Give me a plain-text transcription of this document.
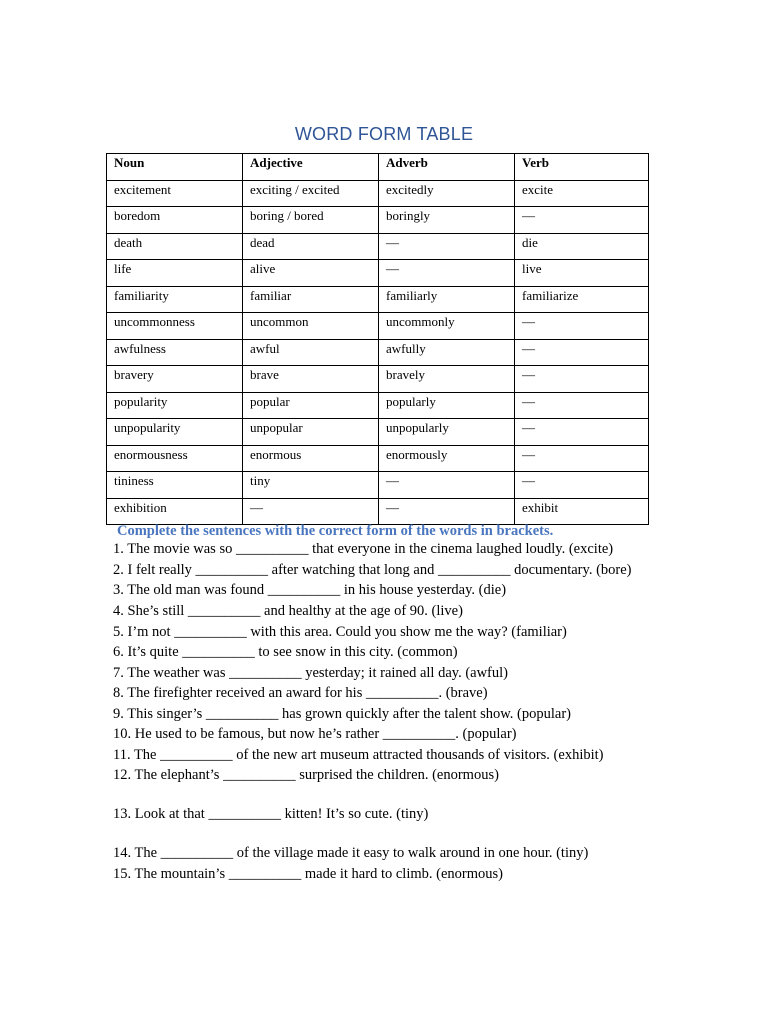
WORD FORM TABLE
Noun	Adjective	Adverb	Verb
excitement	exciting / excited	excitedly	excite
boredom	boring / bored	boringly	—
death	dead	—	die
life	alive	—	live
familiarity	familiar	familiarly	familiarize
uncommonness	uncommon	uncommonly	—
awfulness	awful	awfully	—
bravery	brave	bravely	—
popularity	popular	popularly	—
unpopularity	unpopular	unpopularly	—
enormousness	enormous	enormously	—
tininess	tiny	—	—
exhibition	—	—	exhibit
Complete the sentences with the correct form of the words in brackets.
1. The movie was so __________ that everyone in the cinema laughed loudly. (excite)
2. I felt really __________ after watching that long and __________ documentary. (bore)
3. The old man was found __________ in his house yesterday. (die)
4. She’s still __________ and healthy at the age of 90. (live)
5. I’m not __________ with this area. Could you show me the way? (familiar)
6. It’s quite __________ to see snow in this city. (common)
7. The weather was __________ yesterday; it rained all day. (awful)
8. The firefighter received an award for his __________. (brave)
9. This singer’s __________ has grown quickly after the talent show. (popular)
10. He used to be famous, but now he’s rather __________. (popular)
11. The __________ of the new art museum attracted thousands of visitors. (exhibit)
12. The elephant’s __________ surprised the children. (enormous)
13. Look at that __________ kitten! It’s so cute. (tiny)
14. The __________ of the village made it easy to walk around in one hour. (tiny)
15. The mountain’s __________ made it hard to climb. (enormous)
